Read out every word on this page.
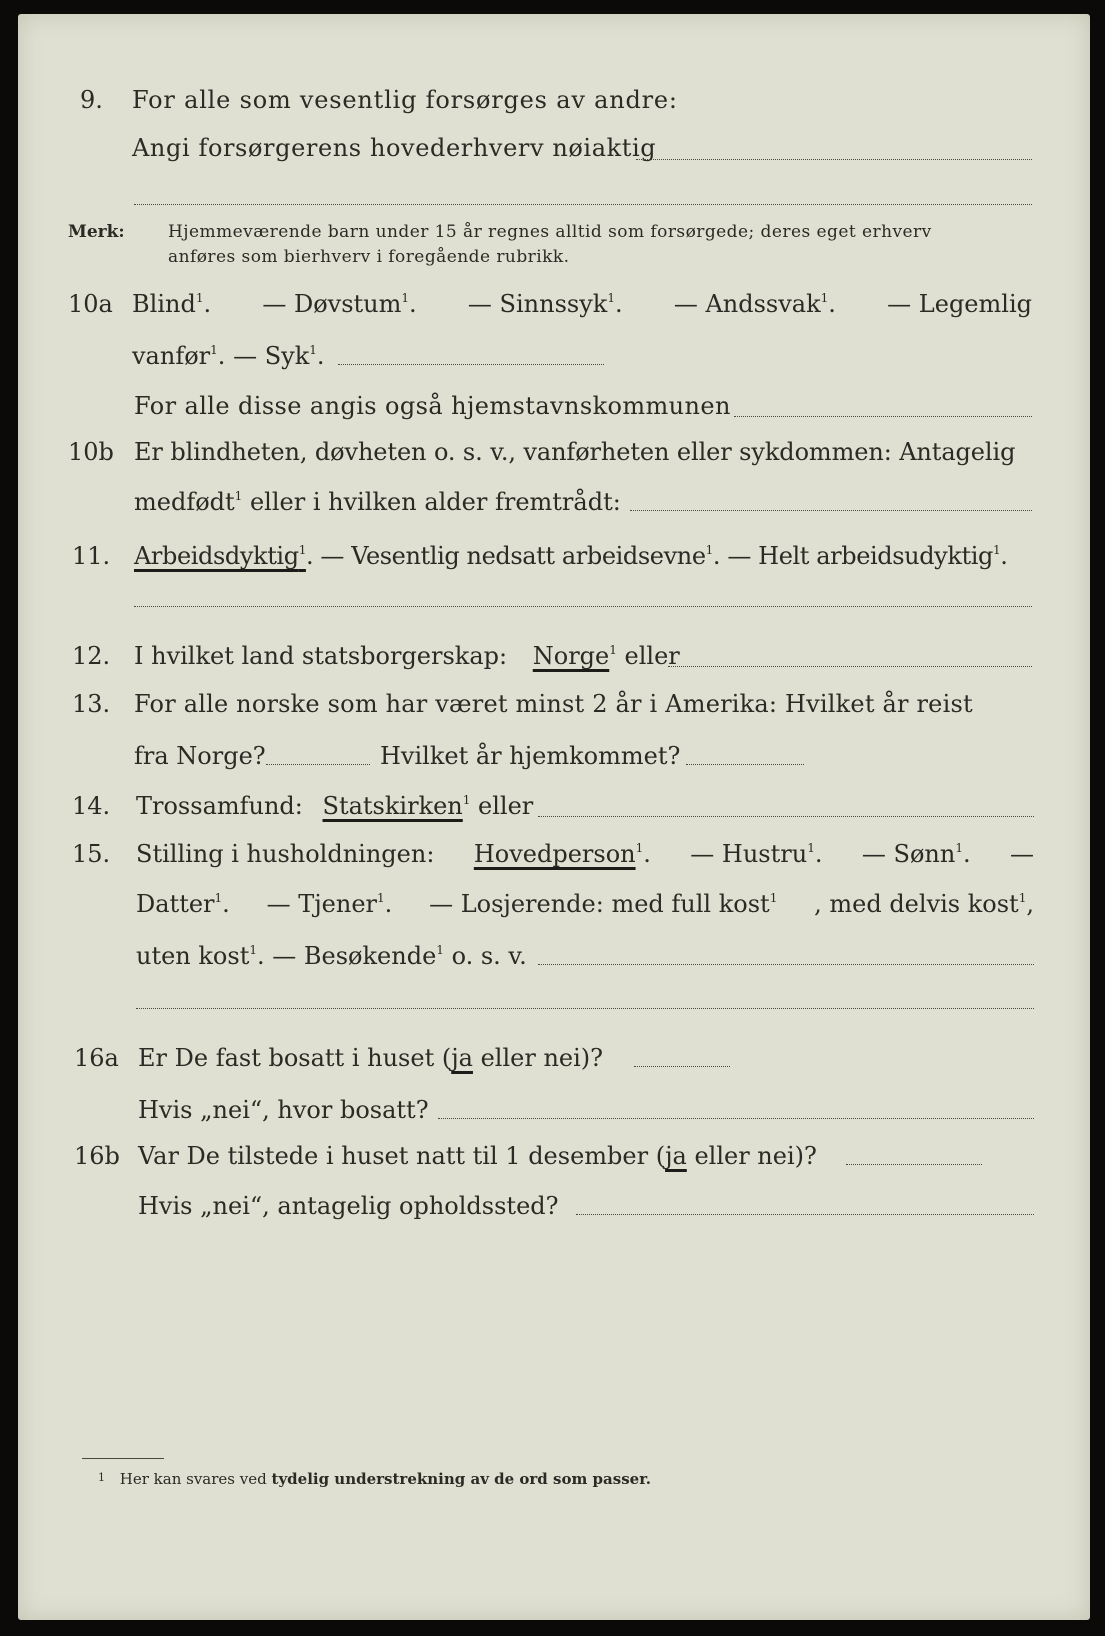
9. For alle som vesentlig forsørges av andre:
Angi forsørgerens hovederhverv nøiaktig
Merk:	Hjemmeværende barn under 15 år regnes alltid som forsørgede; deres eget erhverv
anføres som bierhverv i foregående rubrikk.
10a Blind$^1$. — Døvstum$^1$. — Sinnssyk$^1$. — Andssvak$^1$. — Legemlig
vanfør$^1$. — Syk$^1$.
For alle disse angis også hjemstavnskommunen
10b Er blindheten, døvheten o. s. v., vanførheten eller sykdommen: Antagelig
medfødt$^1$ eller i hvilken alder fremtrådt:
11. Arbeidsdyktig$^1$. — Vesentlig nedsatt arbeidsevne$^1$. — Helt arbeidsudyktig$^1$.
12. I hvilket land statsborgerskap: Norge$^1$ eller
13. For alle norske som har været minst 2 år i Amerika: Hvilket år reist
fra Norge?	Hvilket år hjemkommet?
14. Trossamfund: Statskirken$^1$ eller
15. Stilling i husholdningen: Hovedperson$^1$. — Hustru$^1$. — Sønn$^1$. —
Datter$^1$. — Tjener$^1$. — Losjerende: med full kost$^1$ , med delvis kost$^1$,
uten kost$^1$. — Besøkende$^1$ o. s. v.
16a Er De fast bosatt i huset (ja eller nei)?
Hvis „nei“, hvor bosatt?
16b Var De tilstede i huset natt til 1 desember (ja eller nei)?
Hvis „nei“, antagelig opholdssted?
$^1$ Her kan svares ved tydelig understrekning av de ord som passer.
